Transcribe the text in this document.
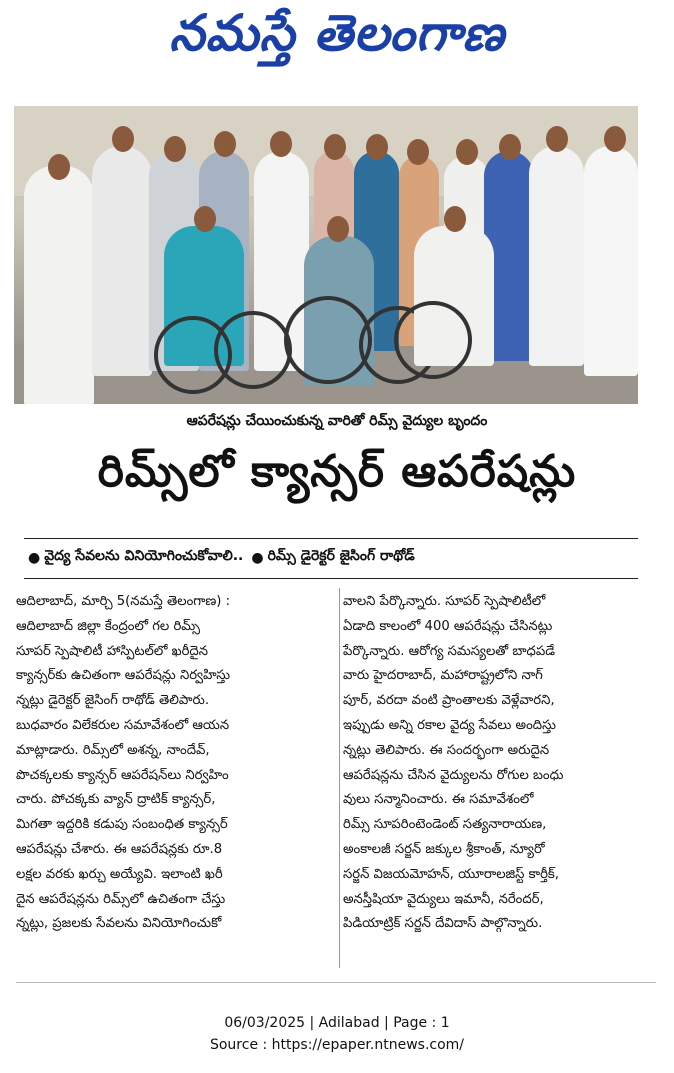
నమస్తే తెలంగాణ
ఆపరేషన్లు చేయించుకున్న వారితో రిమ్స్‌ వైద్యుల బృందం
రిమ్స్‌లో క్యాన్సర్‌ ఆపరేషన్లు
● వైద్య సేవలను వినియోగించుకోవాలి.. ● రిమ్స్‌ డైరెక్టర్‌ జైసింగ్‌ రాథోడ్‌
ఆదిలాబాద్‌, మార్చి 5(నమస్తే తెలంగాణ) :
ఆదిలాబాద్‌ జిల్లా కేంద్రంలో గల రిమ్స్‌
సూపర్‌ స్పెషాలిటీ హాస్పిటల్‌లో ఖరీదైన
క్యాన్సర్‌కు ఉచితంగా ఆపరేషన్లు నిర్వహిస్తు
న్నట్లు డైరెక్టర్‌ జైసింగ్‌ రాథోడ్‌ తెలిపారు.
బుధవారం విలేకరుల సమావేశంలో ఆయన
మాట్లాడారు. రిమ్స్‌లో అశన్న, నాందేవ్‌,
పొచక్కలకు క్యాన్సర్‌ ఆపరేషన్‌లు నిర్వహిం
చారు. పోచక్కకు వ్యాన్‌ ద్రాటిక్‌ క్యాన్సర్‌,
మిగతా ఇద్దరికి కడుపు సంబంధిత క్యాన్సర్‌
ఆపరేషన్లు చేశారు. ఈ ఆపరేషన్లకు రూ.8
లక్షల వరకు ఖర్చు అయ్యేవి. ఇలాంటి ఖరీ
దైన ఆపరేషన్లను రిమ్స్‌లో ఉచితంగా చేస్తు
న్నట్లు, ప్రజలకు సేవలను వినియోగించుకో
వాలని పేర్కొన్నారు. సూపర్‌ స్పెషాలిటీలో
ఏడాది కాలంలో 400 ఆపరేషన్లు చేసినట్లు
పేర్కొన్నారు. ఆరోగ్య సమస్యలతో బాధపడే
వారు హైదరాబాద్‌, మహారాష్ట్రలోని నాగ్‌
పూర్‌, వరదా వంటి ప్రాంతాలకు వెళ్లేవారని,
ఇప్పుడు అన్ని రకాల వైద్య సేవలు అందిస్తు
న్నట్లు తెలిపారు. ఈ సందర్భంగా అరుదైన
ఆపరేషన్లను చేసిన వైద్యులను రోగుల బంధు
వులు సన్మానించారు. ఈ సమావేశంలో
రిమ్స్‌ సూపరింటెండెంట్‌ సత్యనారాయణ,
అంకాలజీ సర్జన్‌ జక్కుల శ్రీకాంత్‌, న్యూరో
సర్జన్‌ విజయమోహన్‌, యూరాలజిస్ట్‌ కార్తీక్‌,
అనస్తీషియా వైద్యులు ఇమానీ, నరేందర్‌,
పిడియాట్రిక్‌ సర్జన్‌ దేవిదాస్‌ పాల్గొన్నారు.
06/03/2025 | Adilabad | Page : 1
Source : https://epaper.ntnews.com/
